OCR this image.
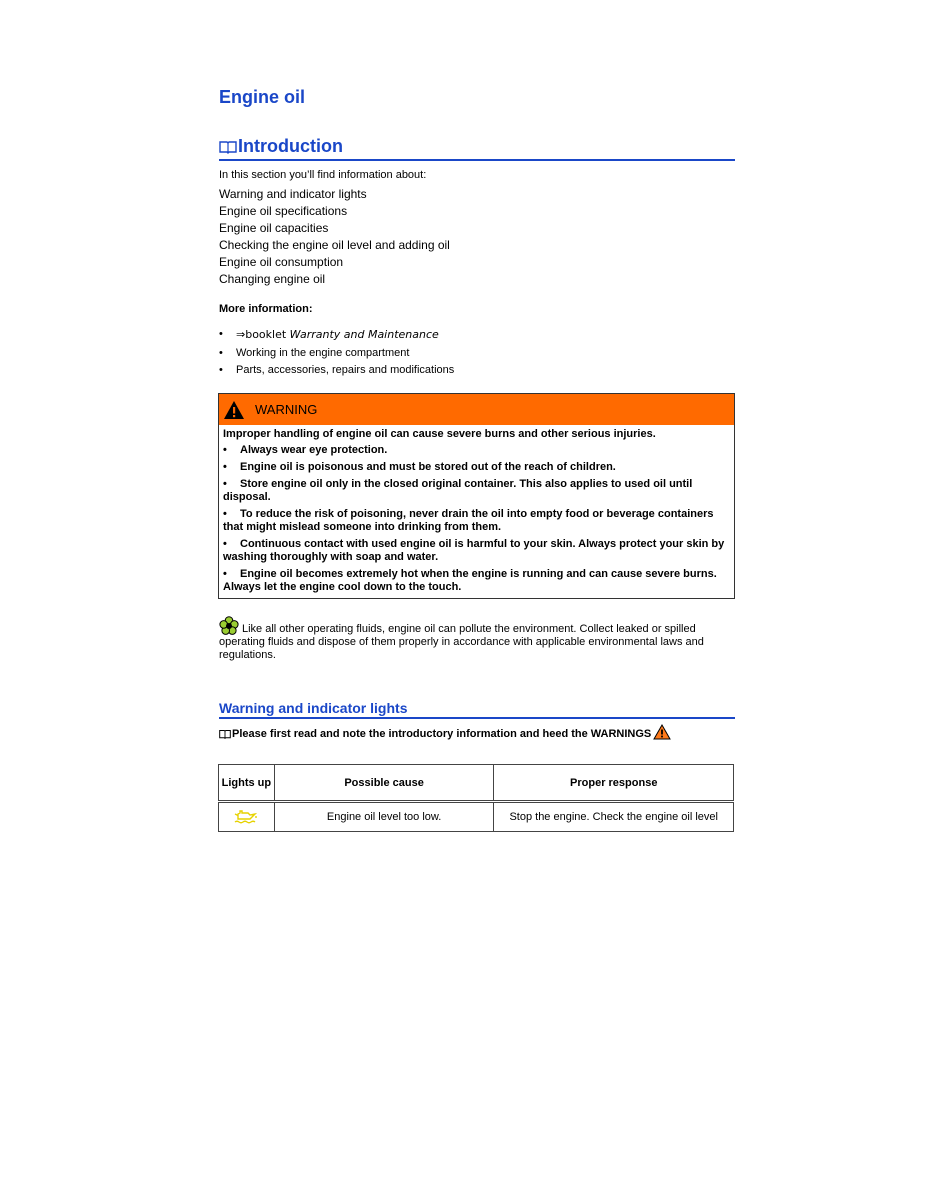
Engine oil
Introduction
In this section you’ll find information about:
Warning and indicator lights
Engine oil specifications
Engine oil capacities
Checking the engine oil level and adding oil
Engine oil consumption
Changing engine oil
More information:
•	⇒booklet Warranty and Maintenance
•	Working in the engine compartment
•	Parts, accessories, repairs and modifications
WARNING
Improper handling of engine oil can cause severe burns and other serious injuries.
• Always wear eye protection.
• Engine oil is poisonous and must be stored out of the reach of children.
• Store engine oil only in the closed original container. This also applies to used oil until disposal.
• To reduce the risk of poisoning, never drain the oil into empty food or beverage containers that might mislead someone into drinking from them.
• Continuous contact with used engine oil is harmful to your skin. Always protect your skin by washing thoroughly with soap and water.
• Engine oil becomes extremely hot when the engine is running and can cause severe burns. Always let the engine cool down to the touch.
Like all other operating fluids, engine oil can pollute the environment. Collect leaked or spilled operating fluids and dispose of them properly in accordance with applicable environmental laws and regulations.
Warning and indicator lights
Please first read and note the introductory information and heed the WARNINGS
Lights up	Possible cause	Proper response
	Engine oil level too low.	Stop the engine. Check the engine oil level
